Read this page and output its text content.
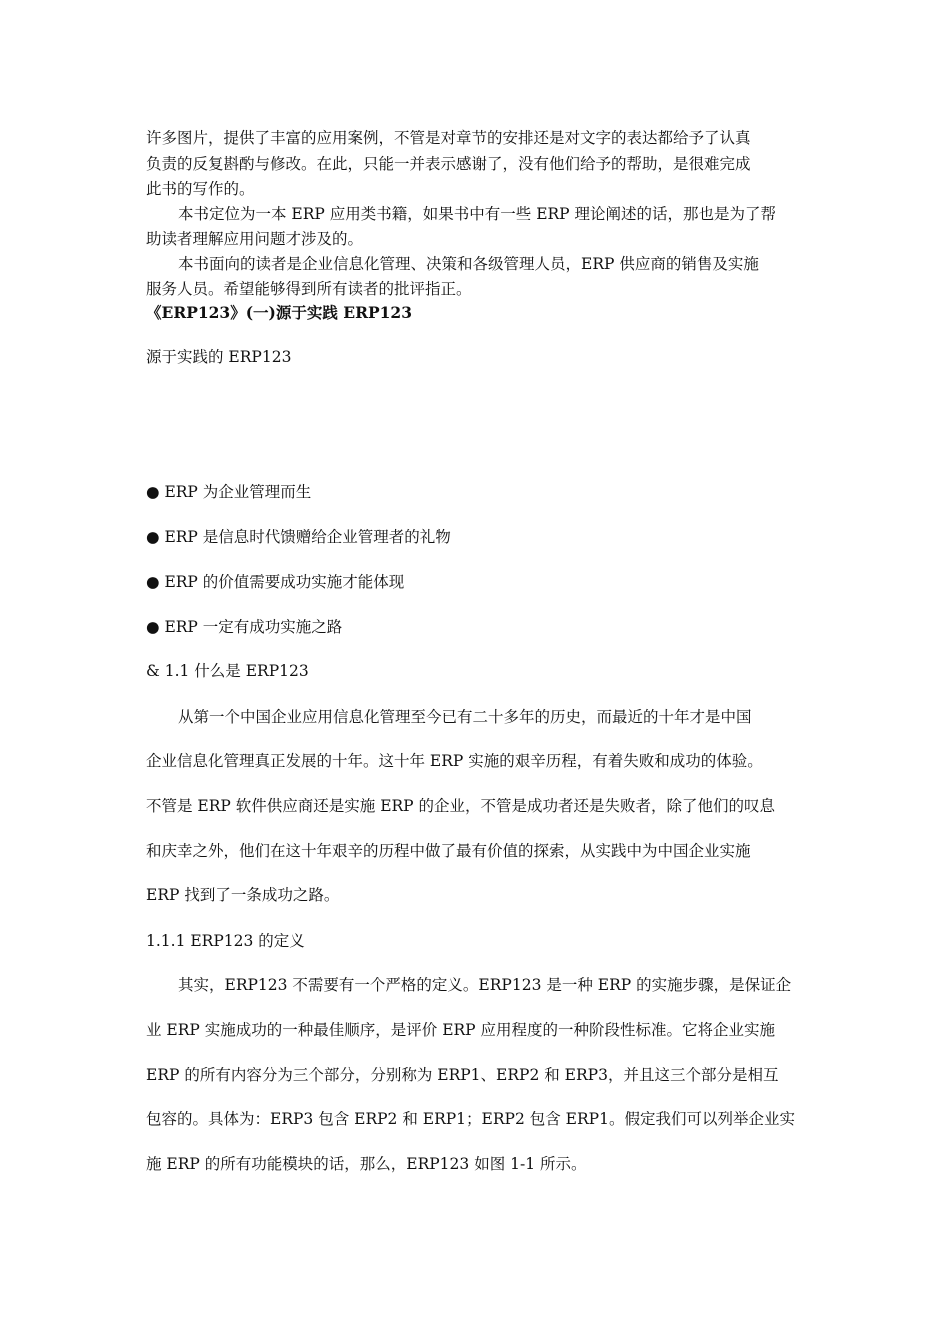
许多图片，提供了丰富的应用案例，不管是对章节的安排还是对文字的表达都给予了认真
负责的反复斟酌与修改。在此，只能一并表示感谢了，没有他们给予的帮助，是很难完成
此书的写作的。
本书定位为一本 ERP 应用类书籍，如果书中有一些 ERP 理论阐述的话，那也是为了帮
助读者理解应用问题才涉及的。
本书面向的读者是企业信息化管理、决策和各级管理人员，ERP 供应商的销售及实施
服务人员。希望能够得到所有读者的批评指正。
《ERP123》(一)源于实践 ERP123
源于实践的 ERP123
● ERP 为企业管理而生
● ERP 是信息时代馈赠给企业管理者的礼物
● ERP 的价值需要成功实施才能体现
● ERP 一定有成功实施之路
& 1.1 什么是 ERP123
从第一个中国企业应用信息化管理至今已有二十多年的历史，而最近的十年才是中国
企业信息化管理真正发展的十年。这十年 ERP 实施的艰辛历程，有着失败和成功的体验。
不管是 ERP 软件供应商还是实施 ERP 的企业，不管是成功者还是失败者，除了他们的叹息
和庆幸之外，他们在这十年艰辛的历程中做了最有价值的探索，从实践中为中国企业实施
ERP 找到了一条成功之路。
1.1.1 ERP123 的定义
其实，ERP123 不需要有一个严格的定义。ERP123 是一种 ERP 的实施步骤，是保证企
业 ERP 实施成功的一种最佳顺序，是评价 ERP 应用程度的一种阶段性标准。它将企业实施
ERP 的所有内容分为三个部分，分别称为 ERP1、ERP2 和 ERP3，并且这三个部分是相互
包容的。具体为：ERP3 包含 ERP2 和 ERP1；ERP2 包含 ERP1。假定我们可以列举企业实
施 ERP 的所有功能模块的话，那么，ERP123 如图 1-1 所示。
